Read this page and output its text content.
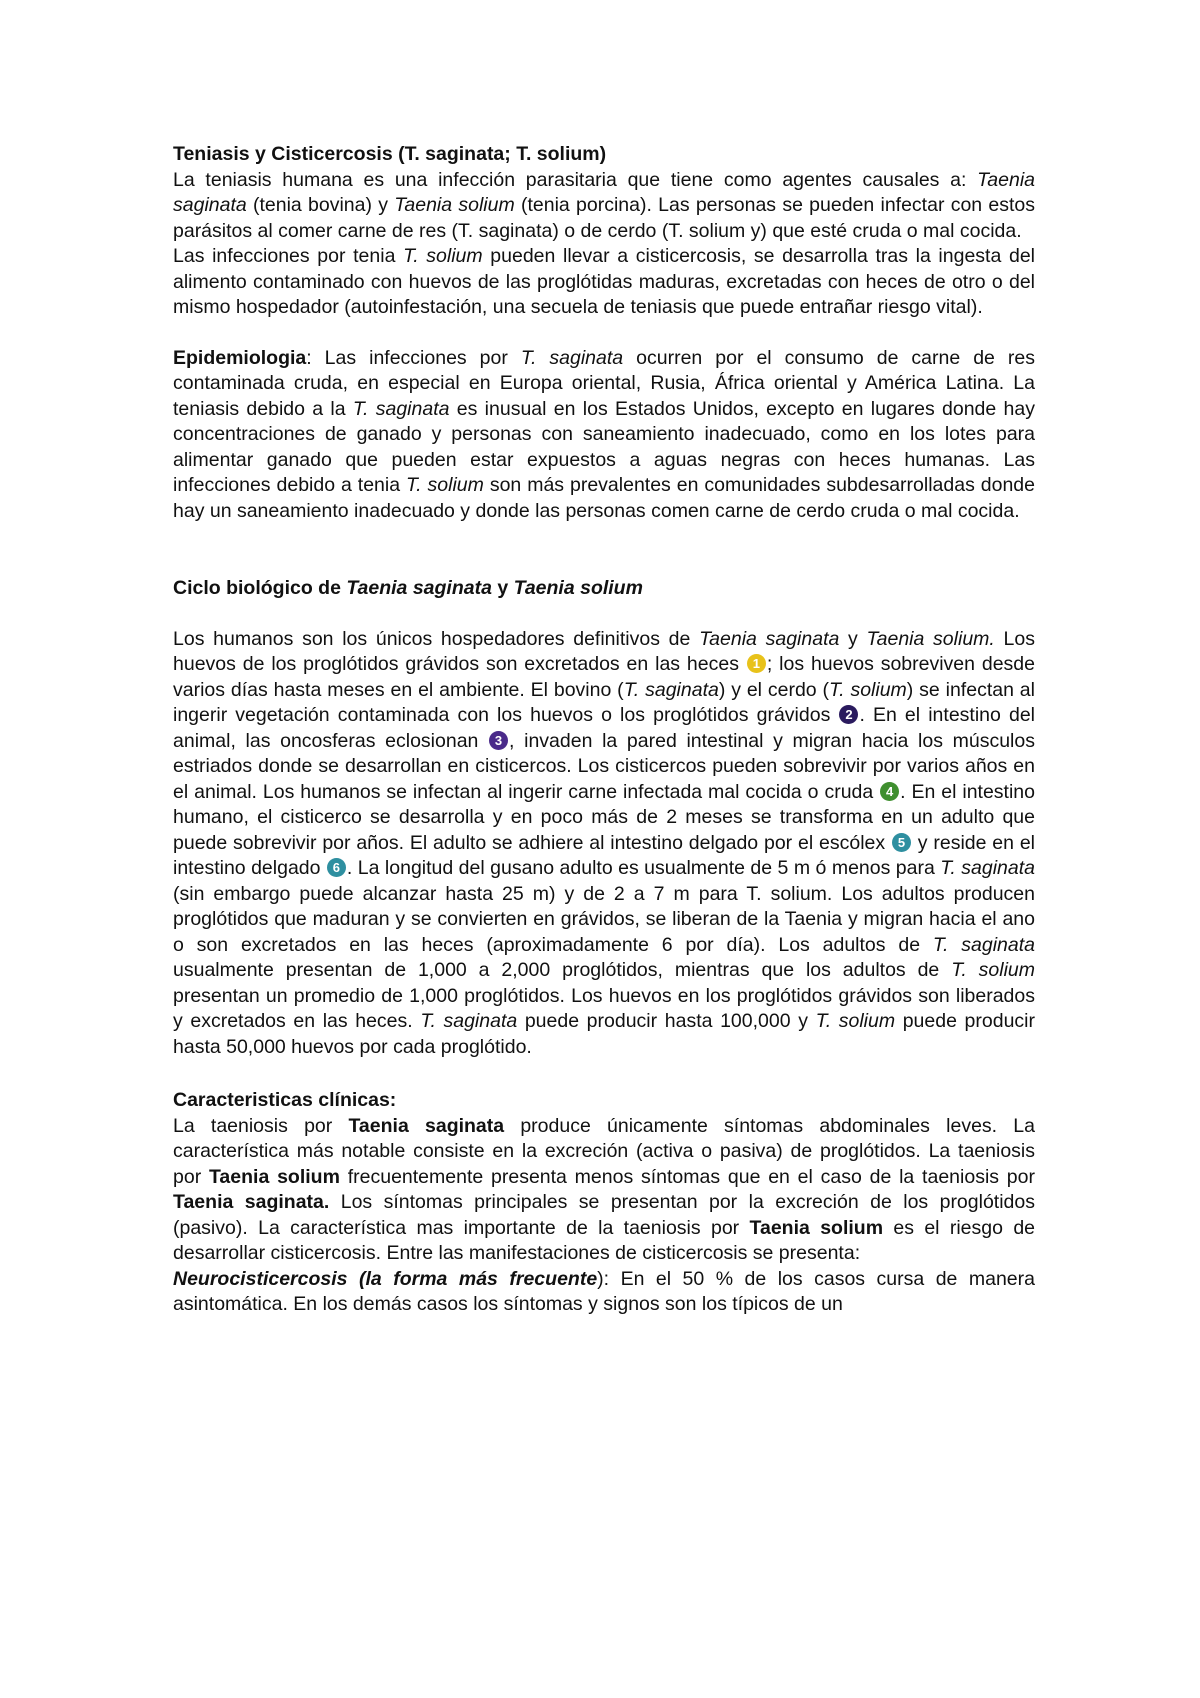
Teniasis y Cisticercosis (T. saginata; T. solium)

La teniasis humana es una infección parasitaria que tiene como agentes causales a: Taenia saginata (tenia bovina) y Taenia solium (tenia porcina). Las personas se pueden infectar con estos parásitos al comer carne de res (T. saginata) o de cerdo (T. solium y) que esté cruda o mal cocida.

Las infecciones por tenia T. solium pueden llevar a cisticercosis, se desarrolla tras la ingesta del alimento contaminado con huevos de las proglótidas maduras, excretadas con heces de otro o del mismo hospedador (autoinfestación, una secuela de teniasis que puede entrañar riesgo vital).

Epidemiologia: Las infecciones por T. saginata ocurren por el consumo de carne de res contaminada cruda, en especial en Europa oriental, Rusia, África oriental y América Latina. La teniasis debido a la T. saginata es inusual en los Estados Unidos, excepto en lugares donde hay concentraciones de ganado y personas con saneamiento inadecuado, como en los lotes para alimentar ganado que pueden estar expuestos a aguas negras con heces humanas. Las infecciones debido a tenia T. solium son más prevalentes en comunidades subdesarrolladas donde hay un saneamiento inadecuado y donde las personas comen carne de cerdo cruda o mal cocida.

Ciclo biológico de Taenia saginata y Taenia solium

Los humanos son los únicos hospedadores definitivos de Taenia saginata y Taenia solium. Los huevos de los proglótidos grávidos son excretados en las heces 1 ; los huevos sobreviven desde varios días hasta meses en el ambiente. El bovino (T. saginata) y el cerdo (T. solium) se infectan al ingerir vegetación contaminada con los huevos o los proglótidos grávidos 2 . En el intestino del animal, las oncosferas eclosionan 3 , invaden la pared intestinal y migran hacia los músculos estriados donde se desarrollan en cisticercos. Los cisticercos pueden sobrevivir por varios años en el animal. Los humanos se infectan al ingerir carne infectada mal cocida o cruda 4 . En el intestino humano, el cisticerco se desarrolla y en poco más de 2 meses se transforma en un adulto que puede sobrevivir por años. El adulto se adhiere al intestino delgado por el escólex 5 y reside en el intestino delgado 6 . La longitud del gusano adulto es usualmente de 5 m ó menos para T. saginata (sin embargo puede alcanzar hasta 25 m) y de 2 a 7 m para T. solium. Los adultos producen proglótidos que maduran y se convierten en grávidos, se liberan de la Taenia y migran hacia el ano o son excretados en las heces (aproximadamente 6 por día). Los adultos de T. saginata usualmente presentan de 1,000 a 2,000 proglótidos, mientras que los adultos de T. solium presentan un promedio de 1,000 proglótidos. Los huevos en los proglótidos grávidos son liberados y excretados en las heces. T. saginata puede producir hasta 100,000 y T. solium puede producir hasta 50,000 huevos por cada proglótido.

Caracteristicas clínicas:

La taeniosis por Taenia saginata produce únicamente síntomas abdominales leves. La característica más notable consiste en la excreción (activa o pasiva) de proglótidos. La taeniosis por Taenia solium frecuentemente presenta menos síntomas que en el caso de la taeniosis por Taenia saginata. Los síntomas principales se presentan por la excreción de los proglótidos (pasivo). La característica mas importante de la taeniosis por Taenia solium es el riesgo de desarrollar cisticercosis. Entre las manifestaciones de cisticercosis se presenta:

Neurocisticercosis (la forma más frecuente): En el 50 % de los casos cursa de manera asintomática. En los demás casos los síntomas y signos son los típicos de un
